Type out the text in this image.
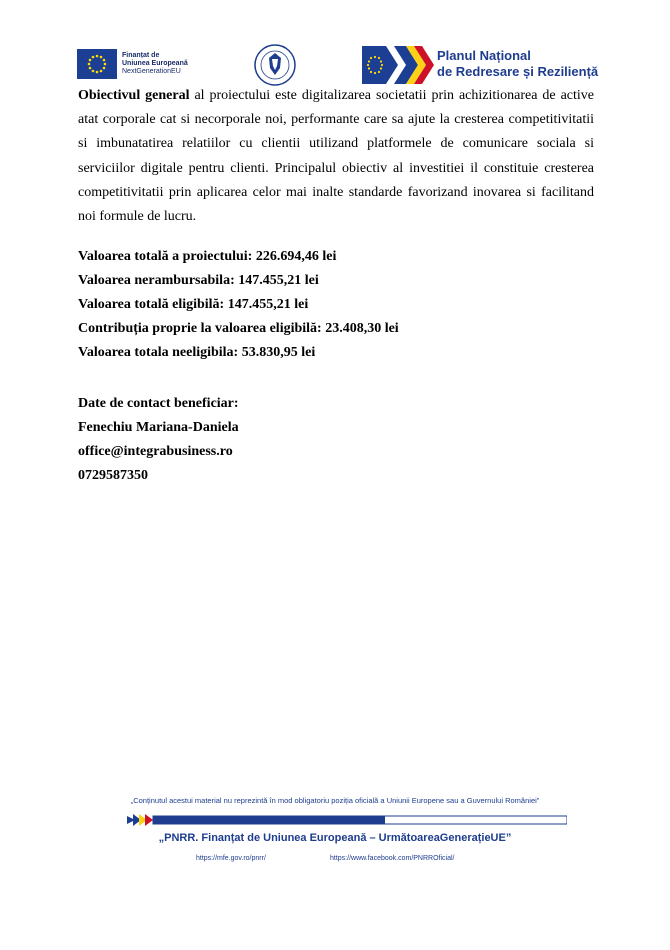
Finanțat de
Uniunea Europeană
NextGenerationEU
Planul Național
de Redresare și Reziliență
Obiectivul general al proiectului este digitalizarea societatii prin achizitionarea de active atat corporale cat si necorporale noi, performante care sa ajute la cresterea competitivitatii si imbunatatirea relatiilor cu clientii utilizand platformele de comunicare sociala si serviciilor digitale pentru clienti. Principalul obiectiv al investitiei il constituie cresterea competitivitatii prin aplicarea celor mai inalte standarde favorizand inovarea si facilitand noi formule de lucru.
Valoarea totală a proiectului: 226.694,46 lei
Valoarea nerambursabila: 147.455,21 lei
Valoarea totală eligibilă: 147.455,21 lei
Contribuția proprie la valoarea eligibilă: 23.408,30 lei
Valoarea totala neeligibila: 53.830,95 lei
Date de contact beneficiar:
Fenechiu Mariana-Daniela
office@integrabusiness.ro
0729587350
„Conținutul acestui material nu reprezintă în mod obligatoriu poziția oficială a Uniunii Europene sau a Guvernului României”
„PNRR. Finanțat de Uniunea Europeană – UrmătoareaGenerațieUE”
https://mfe.gov.ro/pnrr/	https://www.facebook.com/PNRROficial/
